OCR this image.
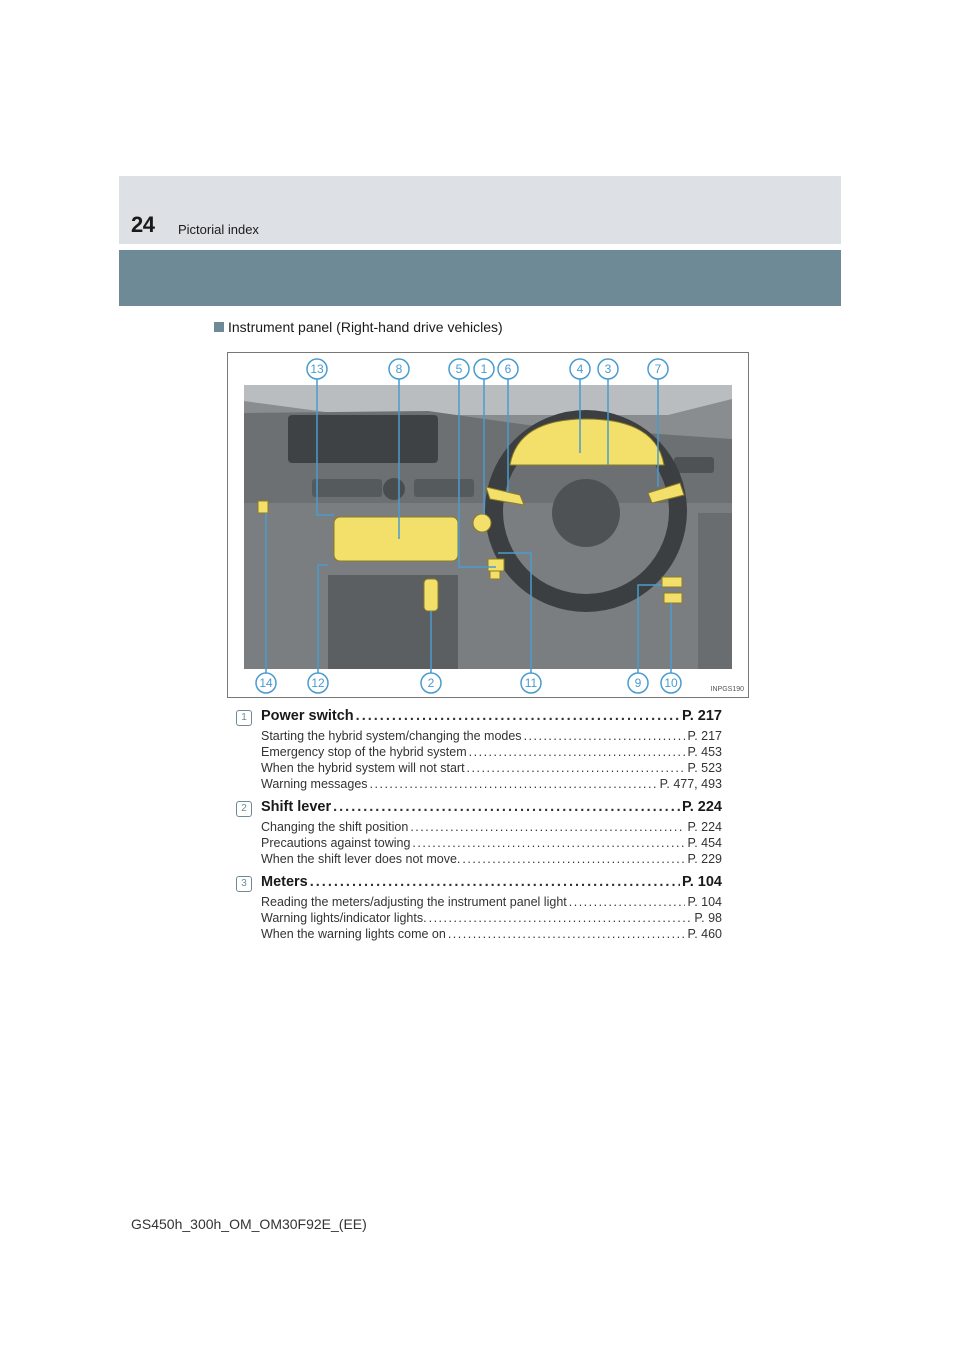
24 Pictorial index
Instrument panel (Right-hand drive vehicles)
13	8	5 1 6	4 3	7
14	12	2	11	9 10	INPGS190
1 Power switch .....	P. 217
Starting the hybrid system/changing the modes .....	P. 217
Emergency stop of the hybrid system .....	P. 453
When the hybrid system will not start .....	P. 523
Warning messages .....	P. 477, 493
2 Shift lever .....	P. 224
Changing the shift position .....	P. 224
Precautions against towing .....	P. 454
When the shift lever does not move. .....	P. 229
3 Meters .....	P. 104
Reading the meters/adjusting the instrument panel light .....	P. 104
Warning lights/indicator lights. .....	P. 98
When the warning lights come on .....	P. 460
GS450h_300h_OM_OM30F92E_(EE)
